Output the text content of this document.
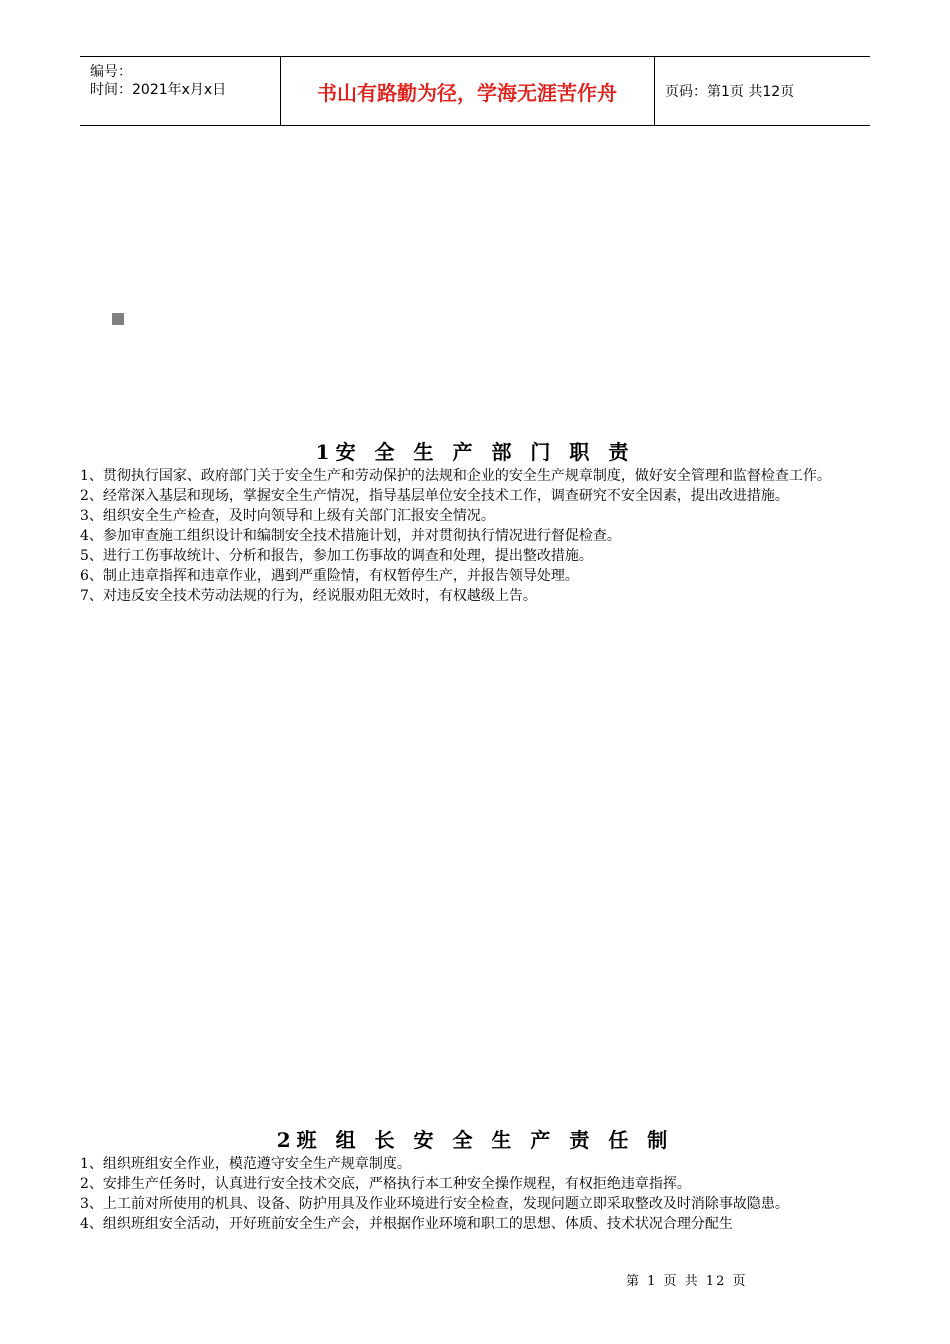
编号：
时间：2021年x月x日	书山有路勤为径，学海无涯苦作舟	页码：第1页 共12页
1安 全 生 产 部 门 职 责
1、贯彻执行国家、政府部门关于安全生产和劳动保护的法规和企业的安全生产规章制度，做好安全管理和监督检查工作。
2、经常深入基层和现场，掌握安全生产情况，指导基层单位安全技术工作，调查研究不安全因素，提出改进措施。
3、组织安全生产检查，及时向领导和上级有关部门汇报安全情况。
4、参加审查施工组织设计和编制安全技术措施计划，并对贯彻执行情况进行督促检查。
5、进行工伤事故统计、分析和报告，参加工伤事故的调查和处理，提出整改措施。
6、制止违章指挥和违章作业，遇到严重险情，有权暂停生产，并报告领导处理。
7、对违反安全技术劳动法规的行为，经说服劝阻无效时，有权越级上告。
2班 组 长 安 全 生 产 责 任 制
1、组织班组安全作业，模范遵守安全生产规章制度。
2、安排生产任务时，认真进行安全技术交底，严格执行本工种安全操作规程，有权拒绝违章指挥。
3、上工前对所使用的机具、设备、防护用具及作业环境进行安全检查，发现问题立即采取整改及时消除事故隐患。
4、组织班组安全活动，开好班前安全生产会，并根据作业环境和职工的思想、体质、技术状况合理分配生
第 1 页 共 12 页
